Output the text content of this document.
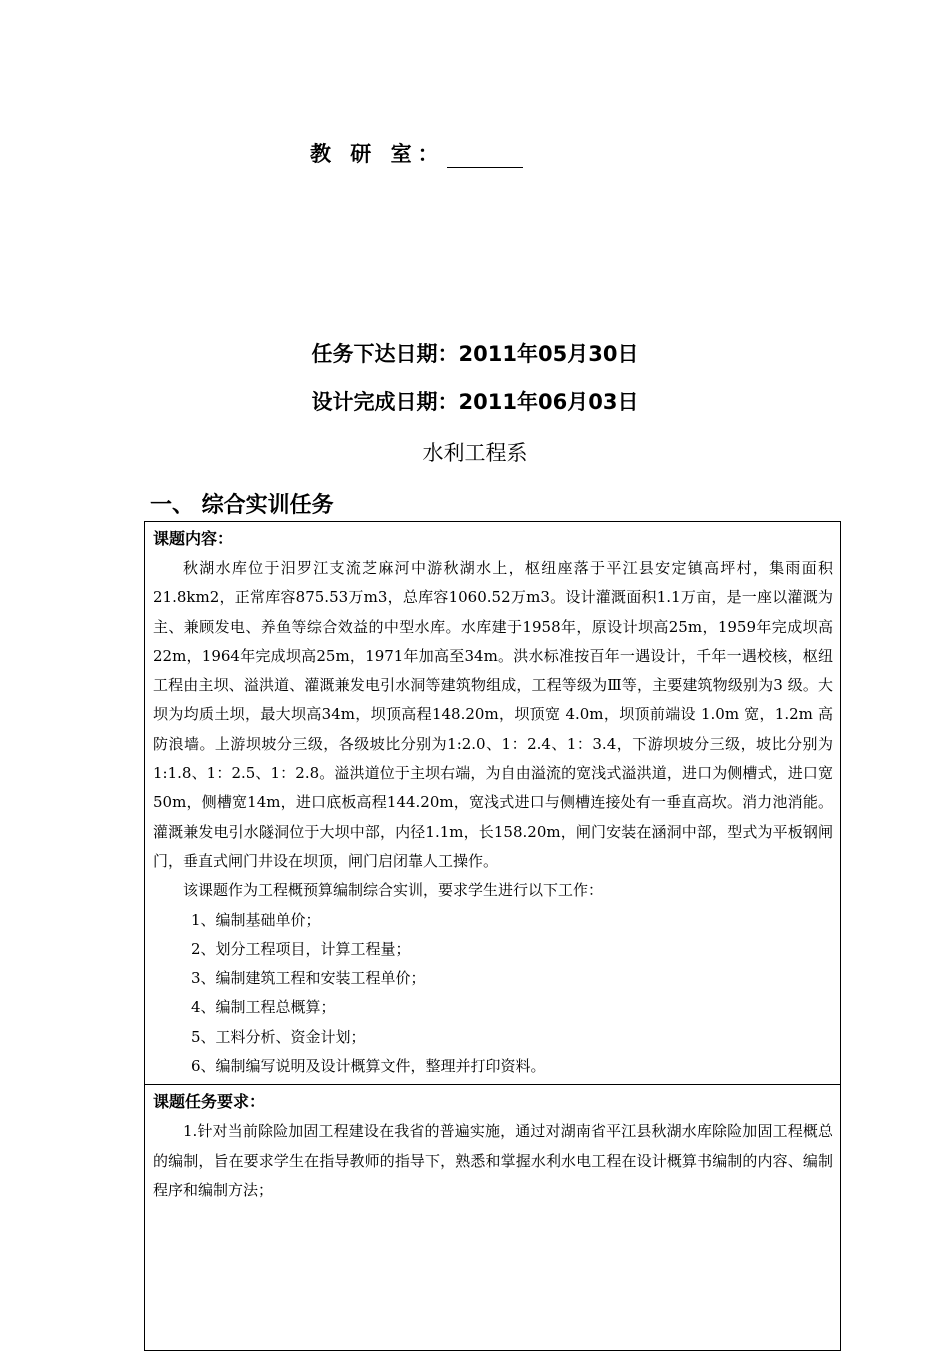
教 研 室：
任务下达日期：2011年05月30日
设计完成日期：2011年06月03日
水利工程系
一、 综合实训任务
课题内容：

秋湖水库位于汨罗江支流芝麻河中游秋湖水上，枢纽座落于平江县安定镇高坪村，集雨面积21.8km2，正常库容875.53万m3，总库容1060.52万m3。设计灌溉面积1.1万亩，是一座以灌溉为主、兼顾发电、养鱼等综合效益的中型水库。水库建于1958年，原设计坝高25m，1959年完成坝高22m，1964年完成坝高25m，1971年加高至34m。洪水标准按百年一遇设计，千年一遇校核，枢纽工程由主坝、溢洪道、灌溉兼发电引水洞等建筑物组成，工程等级为Ⅲ等，主要建筑物级别为3 级。大坝为均质土坝，最大坝高34m，坝顶高程148.20m，坝顶宽 4.0m，坝顶前端设 1.0m 宽，1.2m 高防浪墙。上游坝坡分三级，各级坡比分别为1:2.0、1：2.4、1：3.4，下游坝坡分三级，坡比分别为1:1.8、1：2.5、1：2.8。溢洪道位于主坝右端，为自由溢流的宽浅式溢洪道，进口为侧槽式，进口宽50m，侧槽宽14m，进口底板高程144.20m，宽浅式进口与侧槽连接处有一垂直高坎。消力池消能。灌溉兼发电引水隧洞位于大坝中部，内径1.1m，长158.20m，闸门安装在涵洞中部，型式为平板钢闸门，垂直式闸门井设在坝顶，闸门启闭靠人工操作。

该课题作为工程概预算编制综合实训，要求学生进行以下工作：

1、编制基础单价；

2、划分工程项目，计算工程量；

3、编制建筑工程和安装工程单价；

4、编制工程总概算；

5、工料分析、资金计划；

6、编制编写说明及设计概算文件，整理并打印资料。

课题任务要求：

1.针对当前除险加固工程建设在我省的普遍实施，通过对湖南省平江县秋湖水库除险加固工程概总的编制，旨在要求学生在指导教师的指导下，熟悉和掌握水利水电工程在设计概算书编制的内容、编制程序和编制方法；
